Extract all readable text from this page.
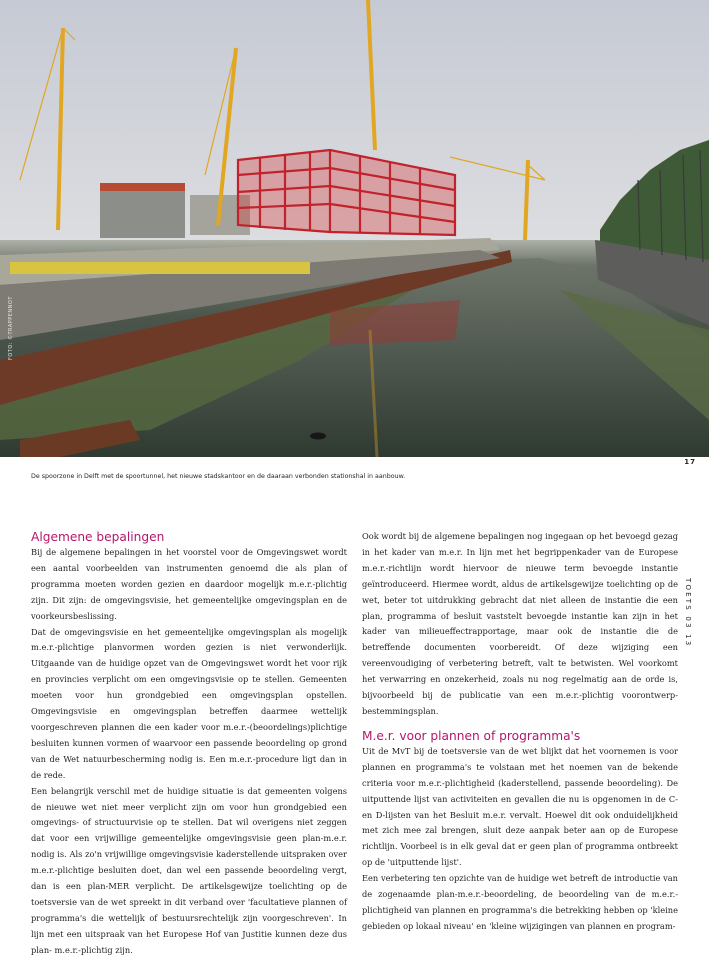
FOTO: ©TRAPPENNOT
17
De spoorzone in Delft met de spoortunnel, het nieuwe stadskantoor en de daaraan verbonden stationshal in aanbouw.
TOETS 03 13
Algemene bepalingen

Bij de algemene bepalingen in het voorstel voor de Omgevingswet wordt een aantal voorbeelden van instrumenten genoemd die als plan of programma moeten worden gezien en daardoor mogelijk m.e.r.-plichtig zijn. Dit zijn: de omgevingsvisie, het gemeentelijke omgevingsplan en de voorkeursbeslissing.

Dat de omgevingsvisie en het gemeentelijke omgevingsplan als mogelijk m.e.r.-plichtige planvormen worden gezien is niet verwonderlijk. Uitgaande van de huidige opzet van de Omgevingswet wordt het voor rijk en provincies verplicht om een omgevingsvisie op te stellen. Gemeenten moeten voor hun grondgebied een omgevingsplan opstellen. Omgevingsvisie en omgevingsplan betreffen daarmee wettelijk voorgeschreven plannen die een kader voor m.e.r.-(beoordelings)plichtige besluiten kunnen vormen of waarvoor een passende beoordeling op grond van de Wet natuurbescherming nodig is. Een m.e.r.-procedure ligt dan in de rede.

Een belangrijk verschil met de huidige situatie is dat gemeenten volgens de nieuwe wet niet meer verplicht zijn om voor hun grondgebied een omgevings- of structuurvisie op te stellen. Dat wil overigens niet zeggen dat voor een vrijwillige gemeentelijke omgevingsvisie geen plan-m.e.r. nodig is. Als zo'n vrijwillige omgevingsvisie kaderstellende uitspraken over m.e.r.-plichtige besluiten doet, dan wel een passende beoordeling vergt, dan is een plan-MER verplicht. De artikelsgewijze toelichting op de toetsversie van de wet spreekt in dit verband over 'facultatieve plannen of programma's die wettelijk of bestuursrechtelijk zijn voorgeschreven'. In lijn met een uitspraak van het Europese Hof van Justitie kunnen deze dus plan- m.e.r.-plichtig zijn.

Ook wordt bij de algemene bepalingen nog ingegaan op het bevoegd gezag in het kader van m.e.r. In lijn met het begrippenkader van de Europese m.e.r.-richtlijn wordt hiervoor de nieuwe term bevoegde instantie geïntroduceerd. Hiermee wordt, aldus de artikelsgewijze toelichting op de wet, beter tot uitdrukking gebracht dat niet alleen de instantie die een plan, programma of besluit vaststelt bevoegde instantie kan zijn in het kader van milieueffectrapportage, maar ook de instantie die de betreffende documenten voorbereidt. Of deze wijziging een vereenvoudiging of verbetering betreft, valt te betwisten. Wel voorkomt het verwarring en onzekerheid, zoals nu nog regelmatig aan de orde is, bijvoorbeeld bij de publicatie van een m.e.r.-plichtig voorontwerp-bestemmingsplan.

M.e.r. voor plannen of programma's

Uit de MvT bij de toetsversie van de wet blijkt dat het voornemen is voor plannen en programma's te volstaan met het noemen van de bekende criteria voor m.e.r.-plichtigheid (kaderstellend, passende beoordeling). De uitputtende lijst van activiteiten en gevallen die nu is opgenomen in de C- en D-lijsten van het Besluit m.e.r. vervalt. Hoewel dit ook onduidelijkheid met zich mee zal brengen, sluit deze aanpak beter aan op de Europese richtlijn. Voorbeel is in elk geval dat er geen plan of programma ontbreekt op de 'uitputtende lijst'.

Een verbetering ten opzichte van de huidige wet betreft de introductie van de zogenaamde plan-m.e.r.-beoordeling, de beoordeling van de m.e.r.-plichtigheid van plannen en programma's die betrekking hebben op 'kleine gebieden op lokaal niveau' en 'kleine wijzigingen van plannen en program-
